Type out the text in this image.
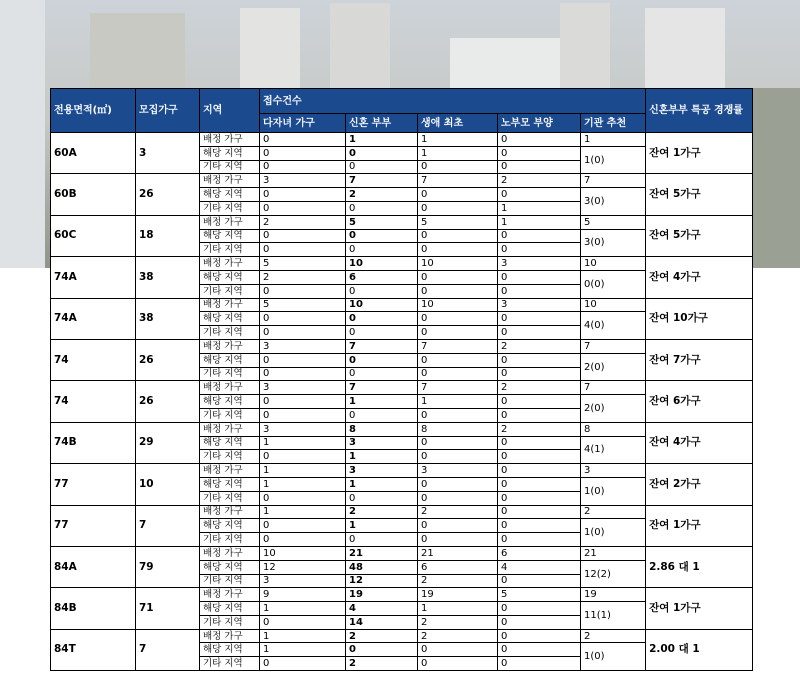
전용면적(㎡)	모집가구	지역	접수건수					신혼부부 특공 경쟁률
			다자녀 가구	신혼 부부	생애 최초	노부모 부양	기관 추천	
60A	3	배정 가구	0	1	1	0	1	잔여 1가구
		해당 지역	0	0	1	0	1(0)	
		기타 지역	0	0	0	0		
60B	26	배정 가구	3	7	7	2	7	잔여 5가구
		해당 지역	0	2	0	0	3(0)	
		기타 지역	0	0	0	1		
60C	18	배정 가구	2	5	5	1	5	잔여 5가구
		해당 지역	0	0	0	0	3(0)	
		기타 지역	0	0	0	0		
74A	38	배정 가구	5	10	10	3	10	잔여 4가구
		해당 지역	2	6	0	0	0(0)	
		기타 지역	0	0	0	0		
74A	38	배정 가구	5	10	10	3	10	잔여 10가구
		해당 지역	0	0	0	0	4(0)	
		기타 지역	0	0	0	0		
74	26	배정 가구	3	7	7	2	7	잔여 7가구
		해당 지역	0	0	0	0	2(0)	
		기타 지역	0	0	0	0		
74	26	배정 가구	3	7	7	2	7	잔여 6가구
		해당 지역	0	1	1	0	2(0)	
		기타 지역	0	0	0	0		
74B	29	배정 가구	3	8	8	2	8	잔여 4가구
		해당 지역	1	3	0	0	4(1)	
		기타 지역	0	1	0	0		
77	10	배정 가구	1	3	3	0	3	잔여 2가구
		해당 지역	1	1	0	0	1(0)	
		기타 지역	0	0	0	0		
77	7	배정 가구	1	2	2	0	2	잔여 1가구
		해당 지역	0	1	0	0	1(0)	
		기타 지역	0	0	0	0		
84A	79	배정 가구	10	21	21	6	21	2.86 대 1
		해당 지역	12	48	6	4	12(2)	
		기타 지역	3	12	2	0		
84B	71	배정 가구	9	19	19	5	19	잔여 1가구
		해당 지역	1	4	1	0	11(1)	
		기타 지역	0	14	2	0		
84T	7	배정 가구	1	2	2	0	2	2.00 대 1
		해당 지역	1	0	0	0	1(0)	
		기타 지역	0	2	0	0		
